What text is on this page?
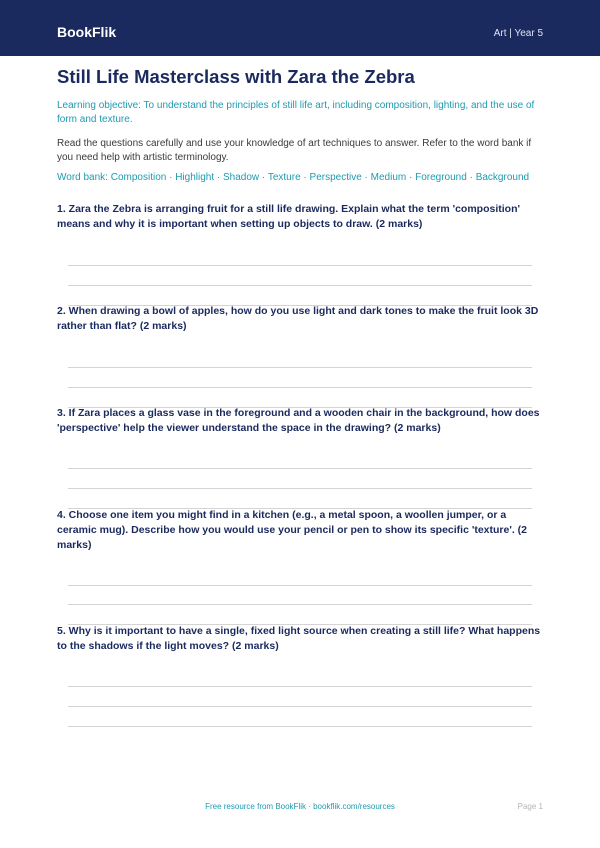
BookFlik	Art | Year 5
Still Life Masterclass with Zara the Zebra
Learning objective: To understand the principles of still life art, including composition, lighting, and the use of form and texture.
Read the questions carefully and use your knowledge of art techniques to answer. Refer to the word bank if you need help with artistic terminology.
Word bank: Composition · Highlight · Shadow · Texture · Perspective · Medium · Foreground · Background
1. Zara the Zebra is arranging fruit for a still life drawing. Explain what the term 'composition' means and why it is important when setting up objects to draw. (2 marks)
2. When drawing a bowl of apples, how do you use light and dark tones to make the fruit look 3D rather than flat? (2 marks)
3. If Zara places a glass vase in the foreground and a wooden chair in the background, how does 'perspective' help the viewer understand the space in the drawing? (2 marks)
4. Choose one item you might find in a kitchen (e.g., a metal spoon, a woollen jumper, or a ceramic mug). Describe how you would use your pencil or pen to show its specific 'texture'. (2 marks)
5. Why is it important to have a single, fixed light source when creating a still life? What happens to the shadows if the light moves? (2 marks)
Free resource from BookFlik · bookflik.com/resources	Page 1
